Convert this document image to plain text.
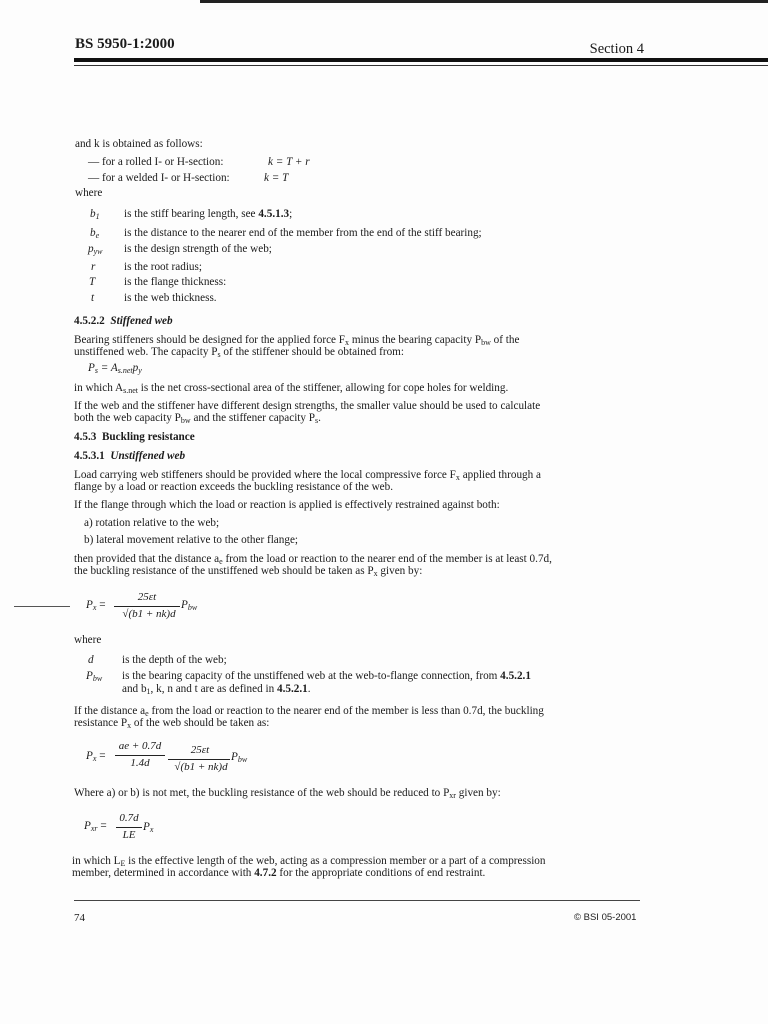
BS 5950-1:2000	Section 4
and k is obtained as follows:
— for a rolled I- or H-section:	k = T + r
— for a welded I- or H-section:	k = T
where
$b_1$ is the stiff bearing length, see 4.5.1.3;
$b_e$ is the distance to the nearer end of the member from the end of the stiff bearing;
$p_{yw}$ is the design strength of the web;
r	is the root radius;
T	is the flange thickness:
t	is the web thickness.
4.5.2.2 Stiffened web
Bearing stiffeners should be designed for the applied force $F_x$ minus the bearing capacity $P_{bw}$ of the
unstiffened web. The capacity $P_s$ of the stiffener should be obtained from:
$P_s = A_{s.net}p_y$
in which $A_{s.net}$ is the net cross-sectional area of the stiffener, allowing for cope holes for welding.
If the web and the stiffener have different design strengths, the smaller value should be used to calculate
both the web capacity $P_{bw}$ and the stiffener capacity $P_s$.
4.5.3 Buckling resistance
4.5.3.1 Unstiffened web
Load carrying web stiffeners should be provided where the local compressive force $F_x$ applied through a
flange by a load or reaction exceeds the buckling resistance of the web.
If the flange through which the load or reaction is applied is effectively restrained against both:
a) rotation relative to the web;
b) lateral movement relative to the other flange;
then provided that the distance $a_e$ from the load or reaction to the nearer end of the member is at least 0.7d,
the buckling resistance of the unstiffened web should be taken as $P_x$ given by:
$P_x$ =
25εt
√(b1 + nk)d
$P_{bw}$
where
d	is the depth of the web;
$P_{bw}$ is the bearing capacity of the unstiffened web at the web-to-flange connection, from 4.5.2.1
and $b_1$, k, n and t are as defined in 4.5.2.1.
If the distance $a_e$ from the load or reaction to the nearer end of the member is less than 0.7d, the buckling
resistance $P_x$ of the web should be taken as:
$P_x$ =
ae + 0.7d
1.4d
25εt
√(b1 + nk)d
$P_{bw}$
Where a) or b) is not met, the buckling resistance of the web should be reduced to $P_{xr}$ given by:
$P_{xr}$ =
0.7d
LE
$P_x$
in which $L_E$ is the effective length of the web, acting as a compression member or a part of a compression
member, determined in accordance with 4.7.2 for the appropriate conditions of end restraint.
74	© BSI 05-2001
